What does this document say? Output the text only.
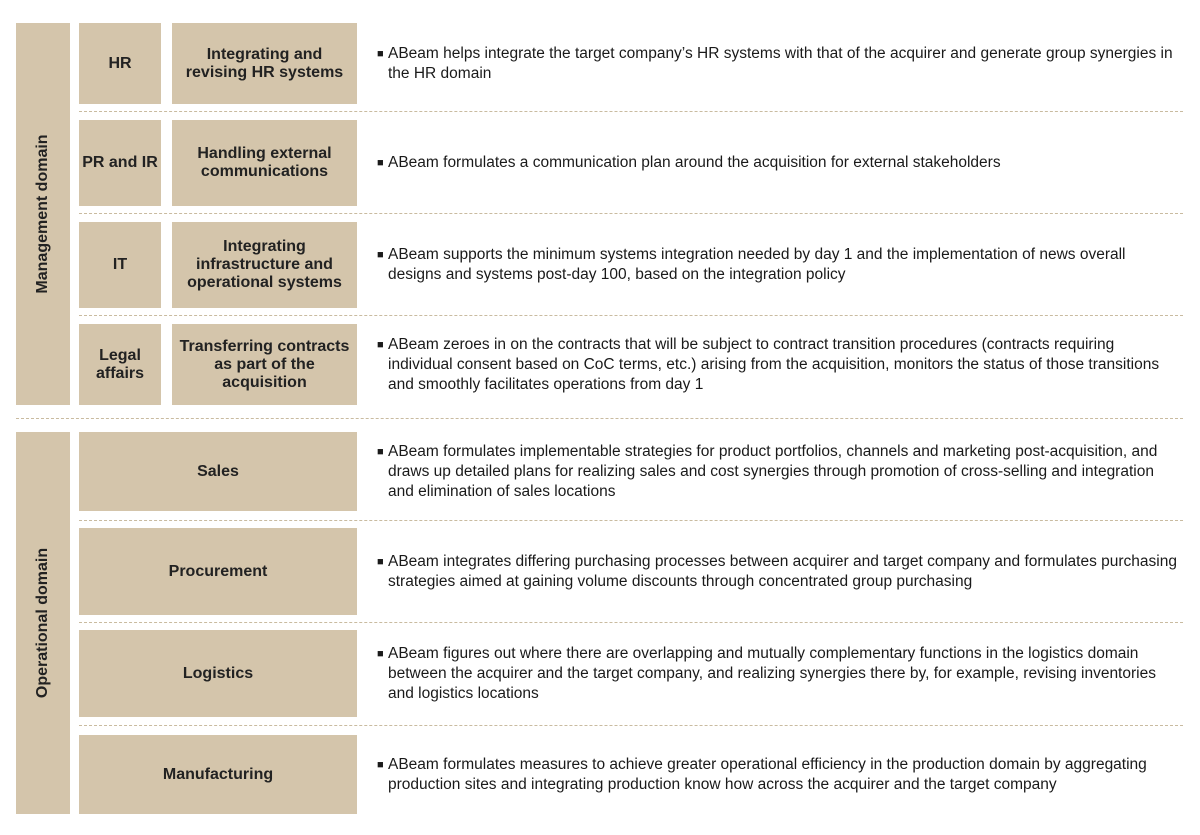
Management domain
HR
Integrating and revising HR systems
■ ABeam helps integrate the target company’s HR systems with that of the acquirer and generate group synergies in the HR domain
PR and IR
Handling external communications	■ ABeam formulates a communication plan around the acquisition for external stakeholders
IT
Integrating infrastructure and operational systems
■ ABeam supports the minimum systems integration needed by day 1 and the implementation of news overall designs and systems post-day 100, based on the integration policy
Legal affairs
Transferring contracts as part of the acquisition
■ ABeam zeroes in on the contracts that will be subject to contract transition procedures (contracts requiring individual consent based on CoC terms, etc.) arising from the acquisition, monitors the status of those transitions and smoothly facilitates operations from day 1
Operational domain
Sales
■ ABeam formulates implementable strategies for product portfolios, channels and marketing post-acquisition, and draws up detailed plans for realizing sales and cost synergies through promotion of cross-selling and integration and elimination of sales locations
Procurement
■ ABeam integrates differing purchasing processes between acquirer and target company and formulates purchasing strategies aimed at gaining volume discounts through concentrated group purchasing
Logistics
■ ABeam figures out where there are overlapping and mutually complementary functions in the logistics domain between the acquirer and the target company, and realizing synergies there by, for example, revising inventories and logistics locations
Manufacturing
■ ABeam formulates measures to achieve greater operational efficiency in the production domain by aggregating production sites and integrating production know how across the acquirer and the target company
